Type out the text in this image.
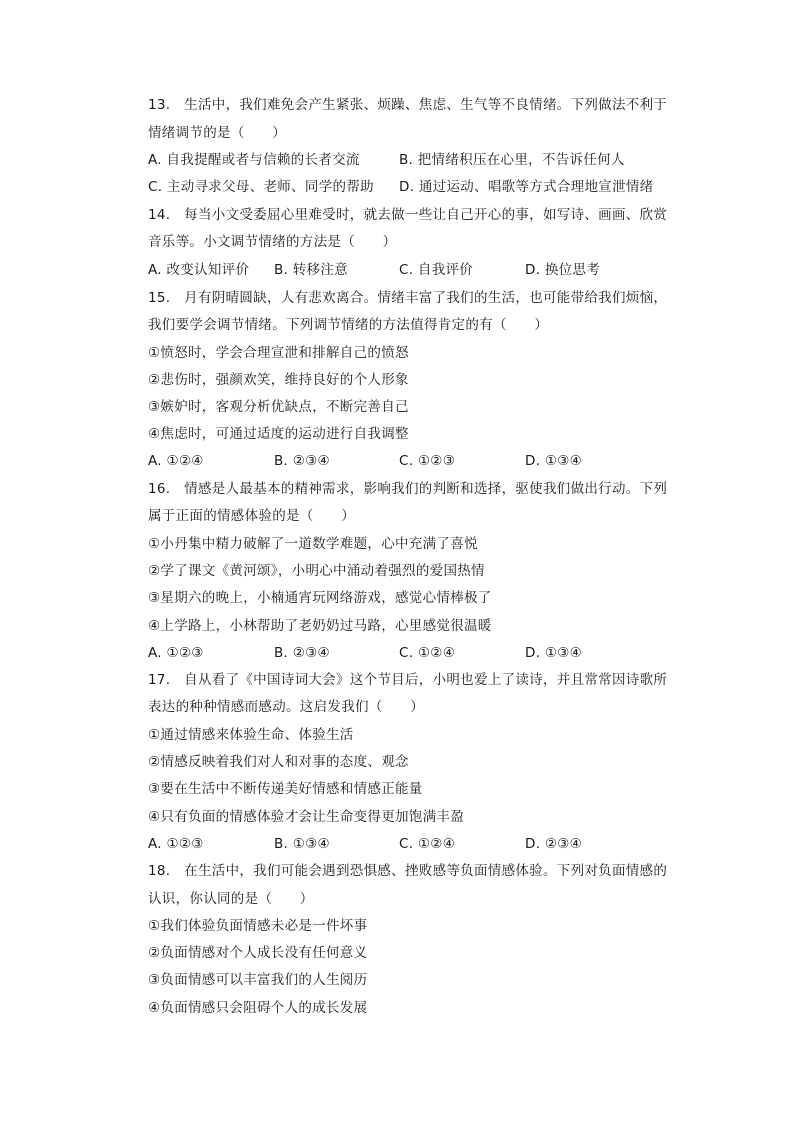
13.　生活中，我们难免会产生紧张、烦躁、焦虑、生气等不良情绪。下列做法不利于
情绪调节的是（　　）
A. 自我提醒或者与信赖的长者交流	B. 把情绪积压在心里，不告诉任何人
C. 主动寻求父母、老师、同学的帮助 D. 通过运动、唱歌等方式合理地宣泄情绪
14.　每当小文受委屈心里难受时，就去做一些让自己开心的事，如写诗、画画、欣赏
音乐等。小文调节情绪的方法是（　　）
A. 改变认知评价 B. 转移注意	C. 自我评价	D. 换位思考
15.　月有阴晴圆缺，人有悲欢离合。情绪丰富了我们的生活，也可能带给我们烦恼，
我们要学会调节情绪。下列调节情绪的方法值得肯定的有（　　）
①愤怒时，学会合理宣泄和排解自己的愤怒
②悲伤时，强颜欢笑，维持良好的个人形象
③嫉妒时，客观分析优缺点，不断完善自己
④焦虑时，可通过适度的运动进行自我调整
A. ①②④	B. ②③④	C. ①②③	D. ①③④
16.　情感是人最基本的精神需求，影响我们的判断和选择，驱使我们做出行动。下列
属于正面的情感体验的是（　　）
①小丹集中精力破解了一道数学难题，心中充满了喜悦
②学了课文《黄河颂》，小明心中涌动着强烈的爱国热情
③星期六的晚上，小楠通宵玩网络游戏，感觉心情棒极了
④上学路上，小林帮助了老奶奶过马路，心里感觉很温暖
A. ①②③	B. ②③④	C. ①②④	D. ①③④
17.　自从看了《中国诗词大会》这个节目后，小明也爱上了读诗，并且常常因诗歌所
表达的种种情感而感动。这启发我们（　　）
①通过情感来体验生命、体验生活
②情感反映着我们对人和对事的态度、观念
③要在生活中不断传递美好情感和情感正能量
④只有负面的情感体验才会让生命变得更加饱满丰盈
A. ①②③	B. ①③④	C. ①②④	D. ②③④
18.　在生活中，我们可能会遇到恐惧感、挫败感等负面情感体验。下列对负面情感的
认识，你认同的是（　　）
①我们体验负面情感未必是一件坏事
②负面情感对个人成长没有任何意义
③负面情感可以丰富我们的人生阅历
④负面情感只会阻碍个人的成长发展
